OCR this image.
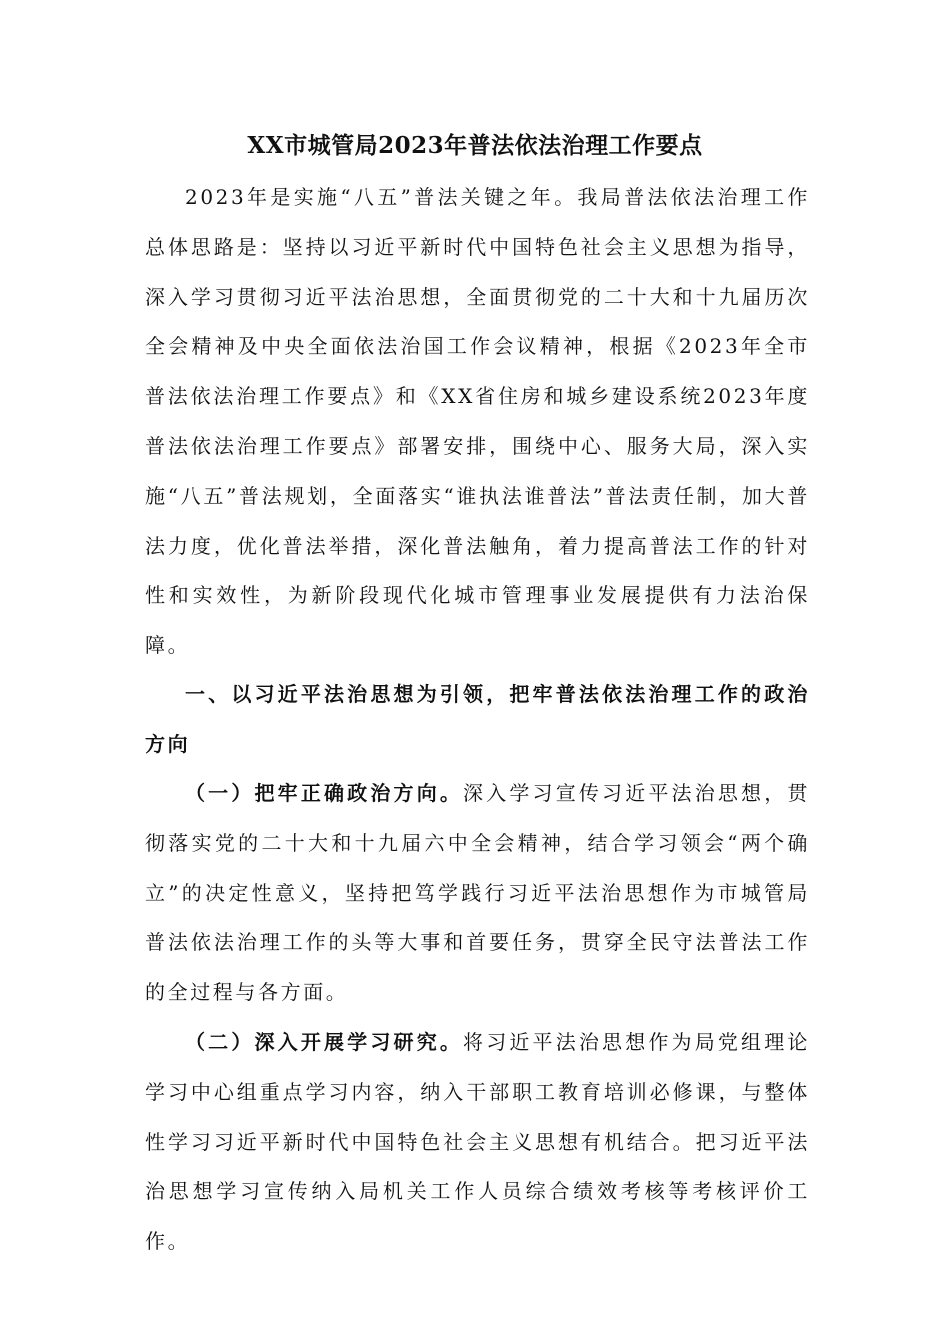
XX市城管局2023年普法依法治理工作要点

2023年是实施“八五”普法关键之年。我局普法依法治理工作总体思路是：坚持以习近平新时代中国特色社会主义思想为指导，深入学习贯彻习近平法治思想，全面贯彻党的二十大和十九届历次全会精神及中央全面依法治国工作会议精神，根据《2023年全市普法依法治理工作要点》和《XX省住房和城乡建设系统2023年度普法依法治理工作要点》部署安排，围绕中心、服务大局，深入实施“八五”普法规划，全面落实“谁执法谁普法”普法责任制，加大普法力度，优化普法举措，深化普法触角，着力提高普法工作的针对性和实效性，为新阶段现代化城市管理事业发展提供有力法治保障。

一、以习近平法治思想为引领，把牢普法依法治理工作的政治方向

（一）把牢正确政治方向。深入学习宣传习近平法治思想，贯彻落实党的二十大和十九届六中全会精神，结合学习领会“两个确立”的决定性意义，坚持把笃学践行习近平法治思想作为市城管局普法依法治理工作的头等大事和首要任务，贯穿全民守法普法工作的全过程与各方面。

（二）深入开展学习研究。将习近平法治思想作为局党组理论学习中心组重点学习内容，纳入干部职工教育培训必修课，与整体性学习习近平新时代中国特色社会主义思想有机结合。把习近平法治思想学习宣传纳入局机关工作人员综合绩效考核等考核评价工作。
